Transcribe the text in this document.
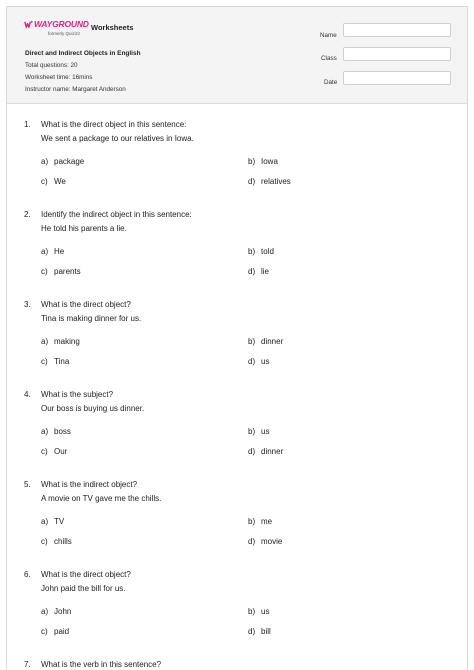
WAYGROUND
formerly Quizizz
Worksheets
Direct and Indirect Objects in English
Total questions: 20
Worksheet time: 16mins
Instructor name: Margaret Anderson
Name
Class
Date
1. What is the direct object in this sentence:
We sent a package to our relatives in Iowa.
a) package	b) Iowa
c) We	d) relatives
2. Identify the indirect object in this sentence:
He told his parents a lie.
a) He	b) told
c) parents	d) lie
3. What is the direct object?
Tina is making dinner for us.
a) making	b) dinner
c) Tina	d) us
4. What is the subject?
Our boss is buying us dinner.
a) boss	b) us
c) Our	d) dinner
5. What is the indirect object?
A movie on TV gave me the chills.
a) TV	b) me
c) chills	d) movie
6. What is the direct object?
John paid the bill for us.
a) John	b) us
c) paid	d) bill
7. What is the verb in this sentence?
